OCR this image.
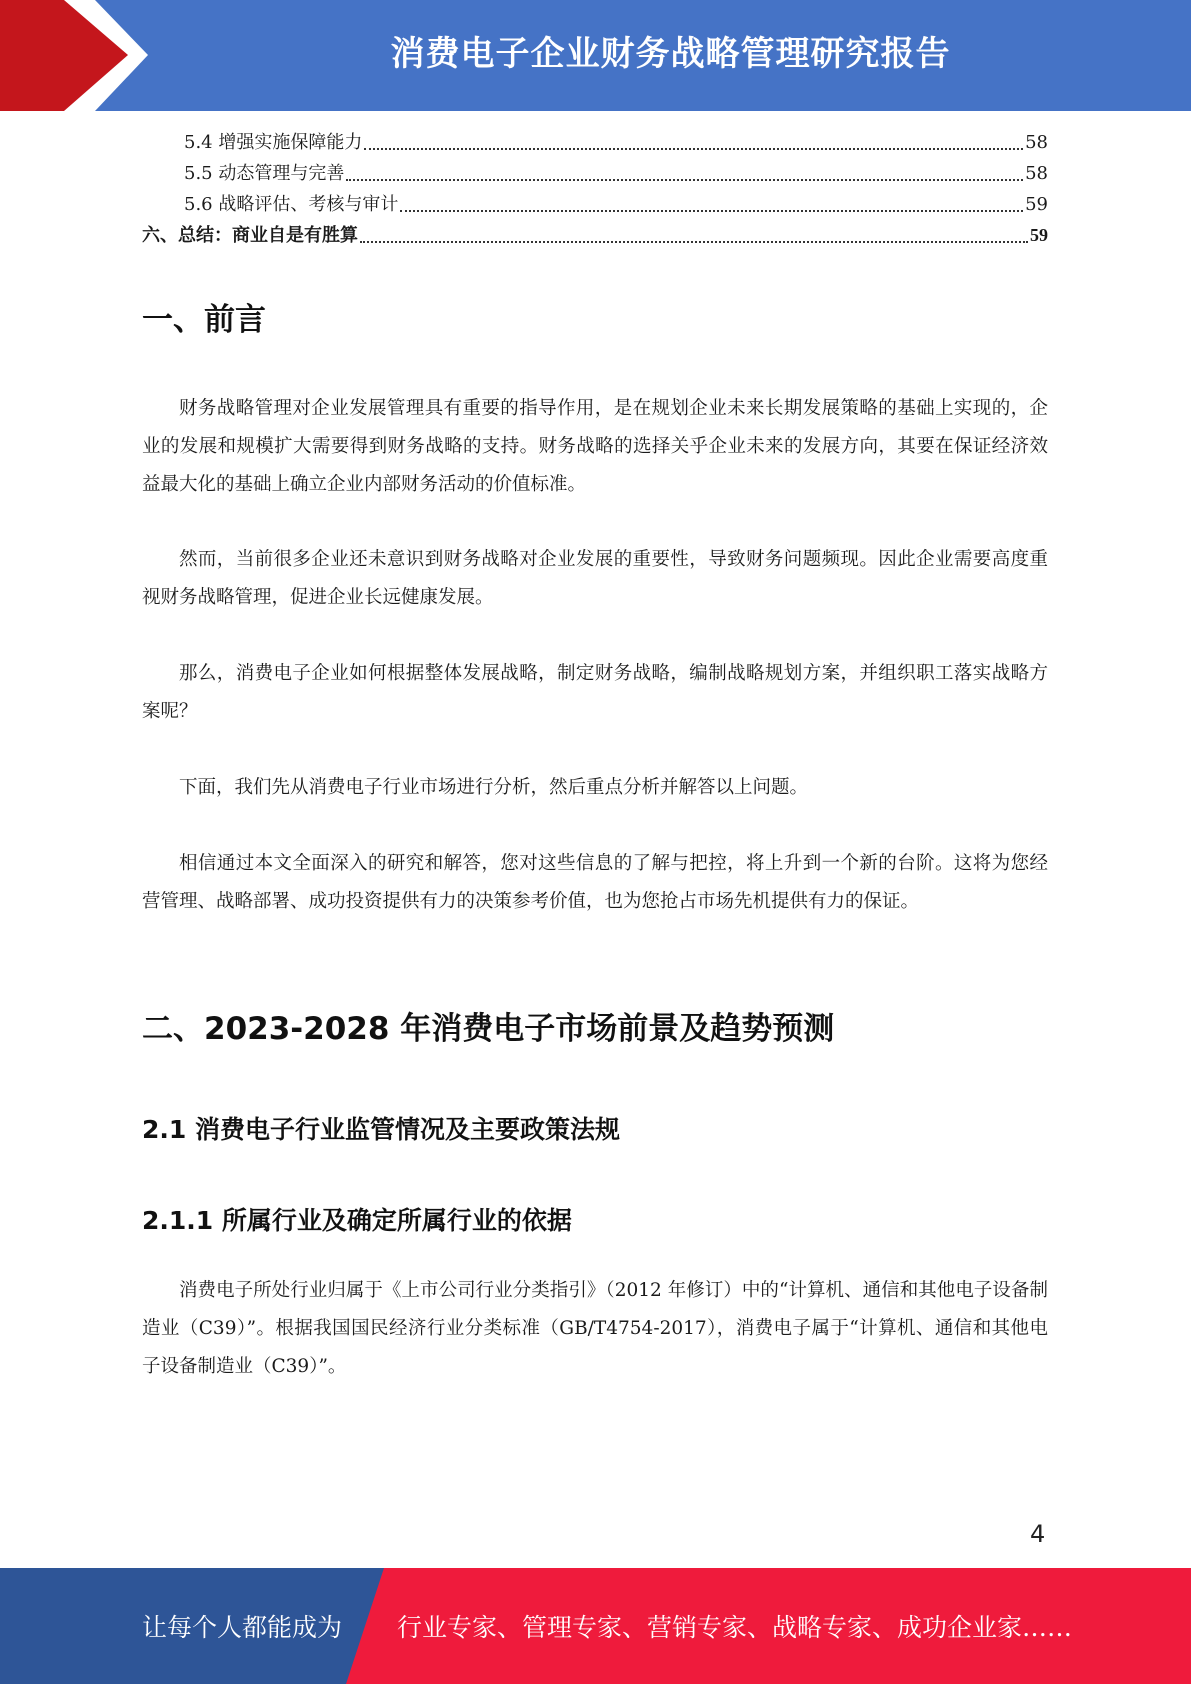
消费电子企业财务战略管理研究报告
5.4 增强实施保障能力	58
5.5 动态管理与完善	58
5.6 战略评估、考核与审计	59
六、总结：商业自是有胜算	59
一、前言
财务战略管理对企业发展管理具有重要的指导作用，是在规划企业未来长期发展策略的基础上实现的，企业的发展和规模扩大需要得到财务战略的支持。财务战略的选择关乎企业未来的发展方向，其要在保证经济效益最大化的基础上确立企业内部财务活动的价值标准。
然而，当前很多企业还未意识到财务战略对企业发展的重要性，导致财务问题频现。因此企业需要高度重视财务战略管理，促进企业长远健康发展。
那么，消费电子企业如何根据整体发展战略，制定财务战略，编制战略规划方案，并组织职工落实战略方案呢？
下面，我们先从消费电子行业市场进行分析，然后重点分析并解答以上问题。
相信通过本文全面深入的研究和解答，您对这些信息的了解与把控，将上升到一个新的台阶。这将为您经营管理、战略部署、成功投资提供有力的决策参考价值，也为您抢占市场先机提供有力的保证。
二、2023-2028 年消费电子市场前景及趋势预测
2.1 消费电子行业监管情况及主要政策法规
2.1.1 所属行业及确定所属行业的依据
消费电子所处行业归属于《上市公司行业分类指引》（2012 年修订）中的“计算机、通信和其他电子设备制造业（C39）”。根据我国国民经济行业分类标准（GB/T4754-2017），消费电子属于“计算机、通信和其他电子设备制造业（C39）”。
4
让每个人都能成为 行业专家、管理专家、营销专家、战略专家、成功企业家……
